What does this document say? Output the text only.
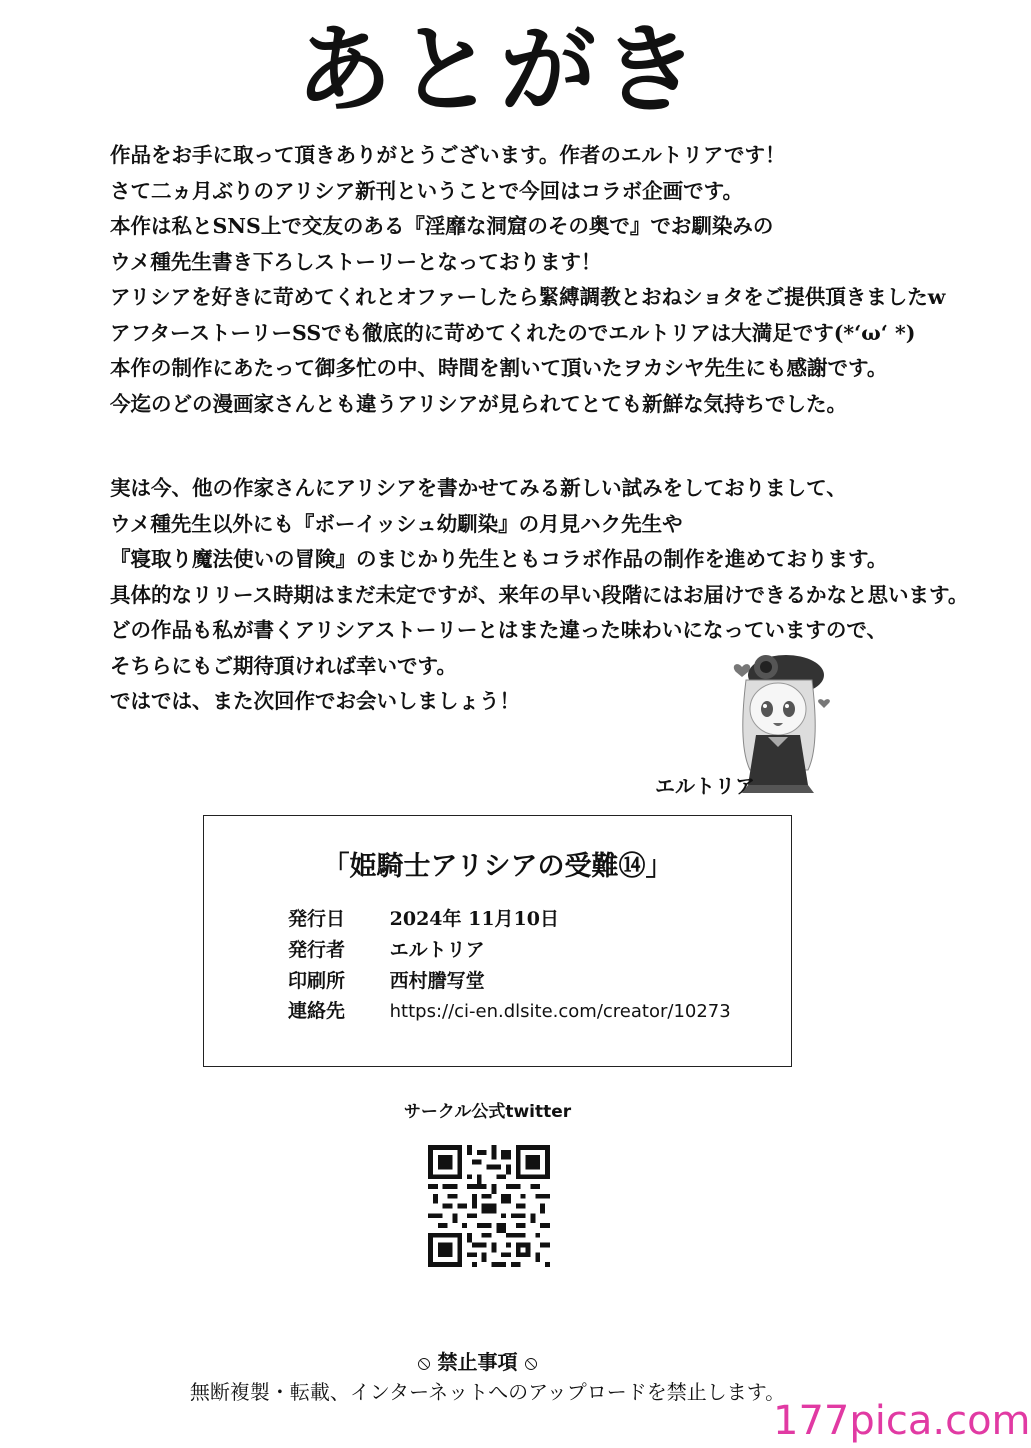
あとがき
作品をお手に取って頂きありがとうございます。作者のエルトリアです！
さて二ヵ月ぶりのアリシア新刊ということで今回はコラボ企画です。
本作は私とSNS上で交友のある『淫靡な洞窟のその奥で』でお馴染みの
ウメ種先生書き下ろしストーリーとなっております！
アリシアを好きに苛めてくれとオファーしたら緊縛調教とおねショタをご提供頂きましたw
アフターストーリーSSでも徹底的に苛めてくれたのでエルトリアは大満足です(*‘ω‘ *)
本作の制作にあたって御多忙の中、時間を割いて頂いたヲカシヤ先生にも感謝です。
今迄のどの漫画家さんとも違うアリシアが見られてとても新鮮な気持ちでした。
実は今、他の作家さんにアリシアを書かせてみる新しい試みをしておりまして、
ウメ種先生以外にも『ボーイッシュ幼馴染』の月見ハク先生や
『寝取り魔法使いの冒険』のまじかり先生ともコラボ作品の制作を進めております。
具体的なリリース時期はまだ未定ですが、来年の早い段階にはお届けできるかなと思います。
どの作品も私が書くアリシアストーリーとはまた違った味わいになっていますので、
そちらにもご期待頂ければ幸いです。
ではでは、また次回作でお会いしましょう！
エルトリア
「姫騎士アリシアの受難⑭」
発行日 2024年 11月10日
発行者 エルトリア
印刷所 西村謄写堂
連絡先 https://ci-en.dlsite.com/creator/10273
サークル公式twitter
⦸ 禁止事項 ⦸
無断複製・転載、インターネットへのアップロードを禁止します。
177pica.com
